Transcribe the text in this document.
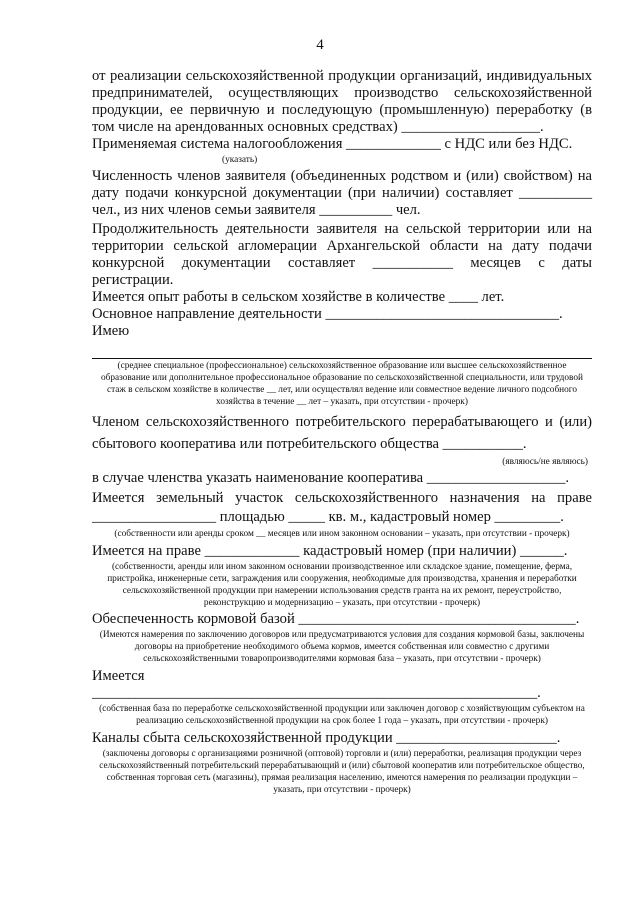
4

от реализации сельскохозяйственной продукции организаций, индивидуальных предпринимателей, осуществляющих производство сельскохозяйственной продукции, ее первичную и последующую (промышленную) переработку (в том числе на арендованных основных средствах) ___________________.

Применяемая система налогообложения _____________ с НДС или без НДС.

(указать)

Численность членов заявителя (объединенных родством и (или) свойством) на дату подачи конкурсной документации (при наличии) составляет __________ чел., из них членов семьи заявителя __________ чел.

Продолжительность деятельности заявителя на сельской территории или на территории сельской агломерации Архангельской области на дату подачи конкурсной документации составляет ___________ месяцев с даты регистрации.

Имеется опыт работы в сельском хозяйстве в количестве ____ лет.

Основное направление деятельности ________________________________.

Имею

(среднее специальное (профессиональное) сельскохозяйственное образование или высшее сельскохозяйственное образование или дополнительное профессиональное образование по сельскохозяйственной специальности, или трудовой стаж в сельском хозяйстве в количестве __ лет, или осуществлял ведение или совместное ведение личного подсобного хозяйства в течение __ лет – указать, при отсутствии - прочерк)

Членом сельскохозяйственного потребительского перерабатывающего и (или) сбытового кооператива или потребительского общества ___________.

(являюсь/не являюсь)

в случае членства указать наименование кооператива ___________________.

Имеется земельный участок сельскохозяйственного назначения на праве _________________ площадью _____ кв. м., кадастровый номер _________.

(собственности или аренды сроком __ месяцев или ином законном основании – указать, при отсутствии - прочерк)

Имеется на праве _____________ кадастровый номер (при наличии) ______.

(собственности, аренды или ином законном основании производственное или складское здание, помещение, ферма, пристройка, инженерные сети, заграждения или сооружения, необходимые для производства, хранения и переработки сельскохозяйственной продукции при намерении использования средств гранта на их ремонт, переустройство, реконструкцию и модернизацию – указать, при отсутствии - прочерк)

Обеспеченность кормовой базой ______________________________________.

(Имеются намерения по заключению договоров или предусматриваются условия для создания кормовой базы, заключены договоры на приобретение необходимого объема кормов, имеется собственная или совместно с другими сельскохозяйственными товаропроизводителями кормовая база – указать, при отсутствии - прочерк)

Имеется _____________________________________________________________.

(собственная база по переработке сельскохозяйственной продукции или заключен договор с хозяйствующим субъектом на реализацию сельскохозяйственной продукции на срок более 1 года – указать, при отсутствии - прочерк)

Каналы сбыта сельскохозяйственной продукции ______________________.

(заключены договоры с организациями розничной (оптовой) торговли и (или) переработки, реализация продукции через сельскохозяйственный потребительский перерабатывающий и (или) сбытовой кооператив или потребительское общество, собственная торговая сеть (магазины), прямая реализация населению, имеются намерения по реализации продукции – указать, при отсутствии - прочерк)
